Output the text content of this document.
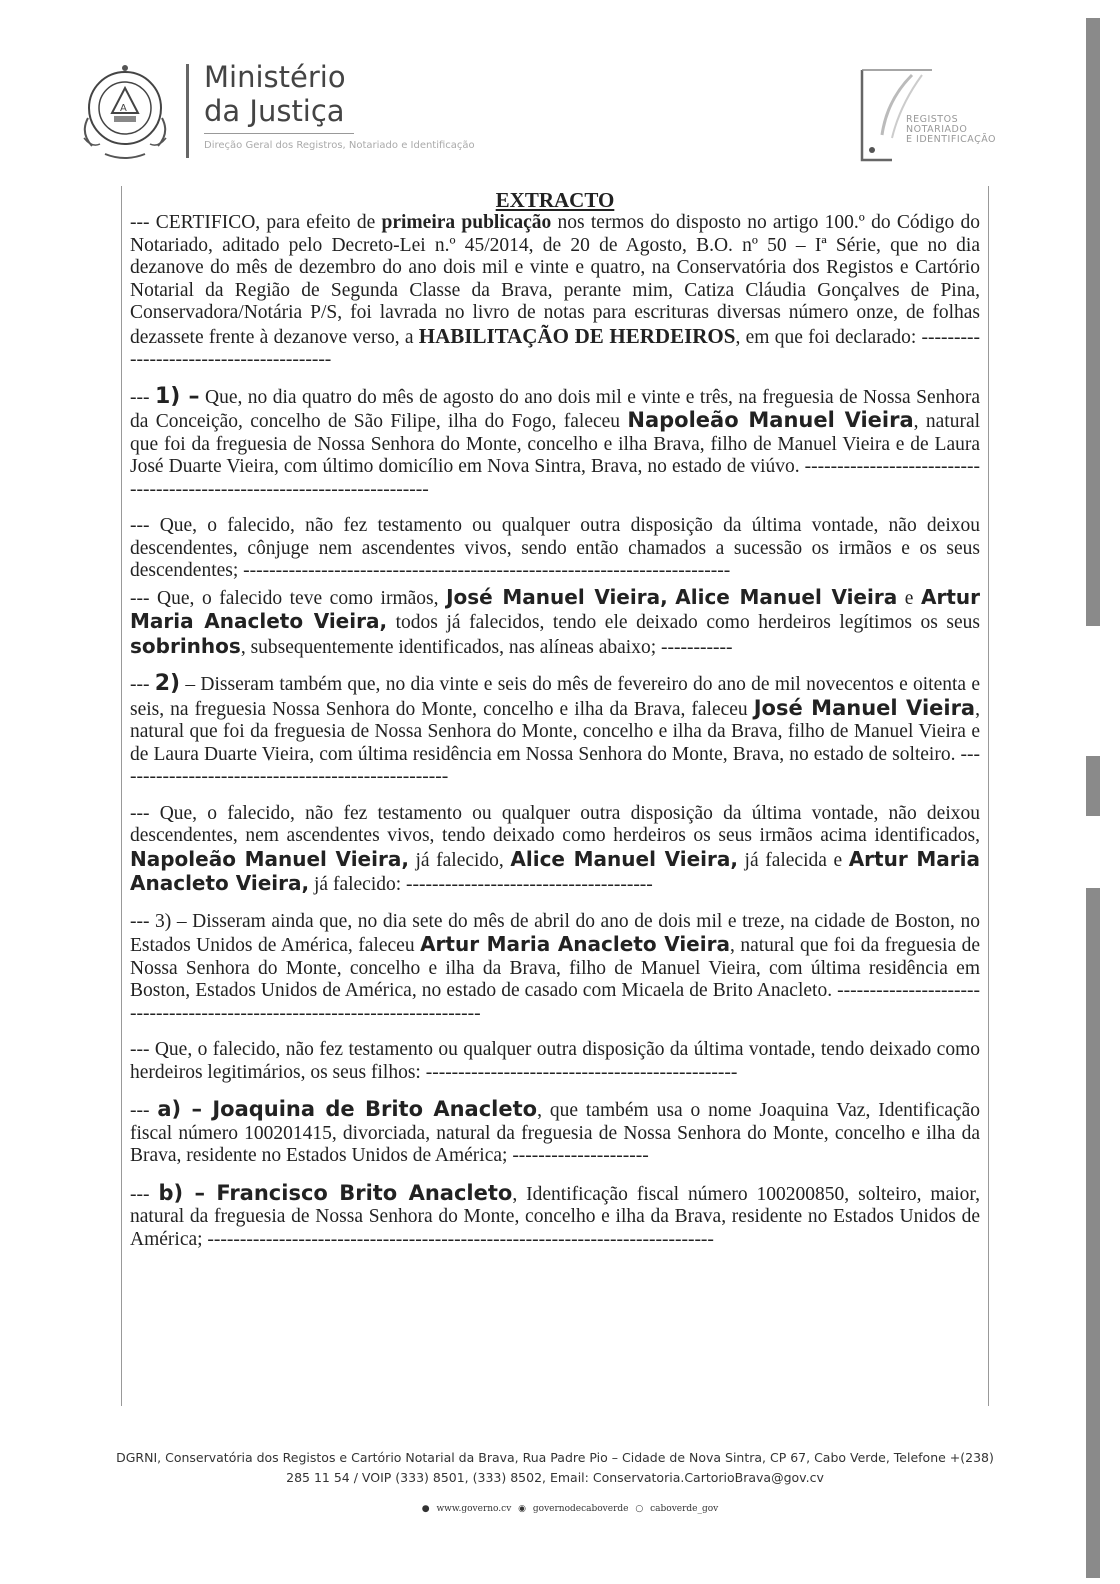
A
Ministério
da Justiça
Direção Geral dos Registros, Notariado e Identificação
REGISTOS
NOTARIADO
E IDENTIFICAÇÃO
EXTRACTO

--- CERTIFICO, para efeito de primeira publicação nos termos do disposto no artigo 100.º do Código do Notariado, aditado pelo Decreto-Lei n.º 45/2014, de 20 de Agosto, B.O. nº 50 – Iª Série, que no dia dezanove do mês de dezembro do ano dois mil e vinte e quatro, na Conservatória dos Registos e Cartório Notarial da Região de Segunda Classe da Brava, perante mim, Catiza Cláudia Gonçalves de Pina, Conservadora/Notária P/S, foi lavrada no livro de notas para escrituras diversas número onze, de folhas dezassete frente à dezanove verso, a HABILITAÇÃO DE HERDEIROS, em que foi declarado: ----------------------------------------

--- 1) – Que, no dia quatro do mês de agosto do ano dois mil e vinte e três, na freguesia de Nossa Senhora da Conceição, concelho de São Filipe, ilha do Fogo, faleceu Napoleão Manuel Vieira, natural que foi da freguesia de Nossa Senhora do Monte, concelho e ilha Brava, filho de Manuel Vieira e de Laura José Duarte Vieira, com último domicílio em Nova Sintra, Brava, no estado de viúvo. -------------------------------------------------------------------------

--- Que, o falecido, não fez testamento ou qualquer outra disposição da última vontade, não deixou descendentes, cônjuge nem ascendentes vivos, sendo então chamados a sucessão os irmãos e os seus descendentes; ---------------------------------------------------------------------------

--- Que, o falecido teve como irmãos, José Manuel Vieira, Alice Manuel Vieira e Artur Maria Anacleto Vieira, todos já falecidos, tendo ele deixado como herdeiros legítimos os seus sobrinhos, subsequentemente identificados, nas alíneas abaixo; -----------

--- 2) – Disseram também que, no dia vinte e seis do mês de fevereiro do ano de mil novecentos e oitenta e seis, na freguesia Nossa Senhora do Monte, concelho e ilha da Brava, faleceu José Manuel Vieira, natural que foi da freguesia de Nossa Senhora do Monte, concelho e ilha da Brava, filho de Manuel Vieira e de Laura Duarte Vieira, com última residência em Nossa Senhora do Monte, Brava, no estado de solteiro. ----------------------------------------------------

--- Que, o falecido, não fez testamento ou qualquer outra disposição da última vontade, não deixou descendentes, nem ascendentes vivos, tendo deixado como herdeiros os seus irmãos acima identificados, Napoleão Manuel Vieira, já falecido, Alice Manuel Vieira, já falecida e Artur Maria Anacleto Vieira, já falecido: --------------------------------------

--- 3) – Disseram ainda que, no dia sete do mês de abril do ano de dois mil e treze, na cidade de Boston, no Estados Unidos de América, faleceu Artur Maria Anacleto Vieira, natural que foi da freguesia de Nossa Senhora do Monte, concelho e ilha da Brava, filho de Manuel Vieira, com última residência em Boston, Estados Unidos de América, no estado de casado com Micaela de Brito Anacleto. ----------------------------------------------------------------------------

--- Que, o falecido, não fez testamento ou qualquer outra disposição da última vontade, tendo deixado como herdeiros legitimários, os seus filhos: ------------------------------------------------

--- a) – Joaquina de Brito Anacleto, que também usa o nome Joaquina Vaz, Identificação fiscal número 100201415, divorciada, natural da freguesia de Nossa Senhora do Monte, concelho e ilha da Brava, residente no Estados Unidos de América; ---------------------

--- b) – Francisco Brito Anacleto, Identificação fiscal número 100200850, solteiro, maior, natural da freguesia de Nossa Senhora do Monte, concelho e ilha da Brava, residente no Estados Unidos de América; ------------------------------------------------------------------------------

DGRNI, Conservatória dos Registos e Cartório Notarial da Brava, Rua Padre Pio – Cidade de Nova Sintra, CP 67, Cabo Verde, Telefone +(238)
285 11 54 / VOIP (333) 8501, (333) 8502, Email: Conservatoria.CartorioBrava@gov.cv
● www.governo.cv ◉ governodecaboverde ○ caboverde_gov
